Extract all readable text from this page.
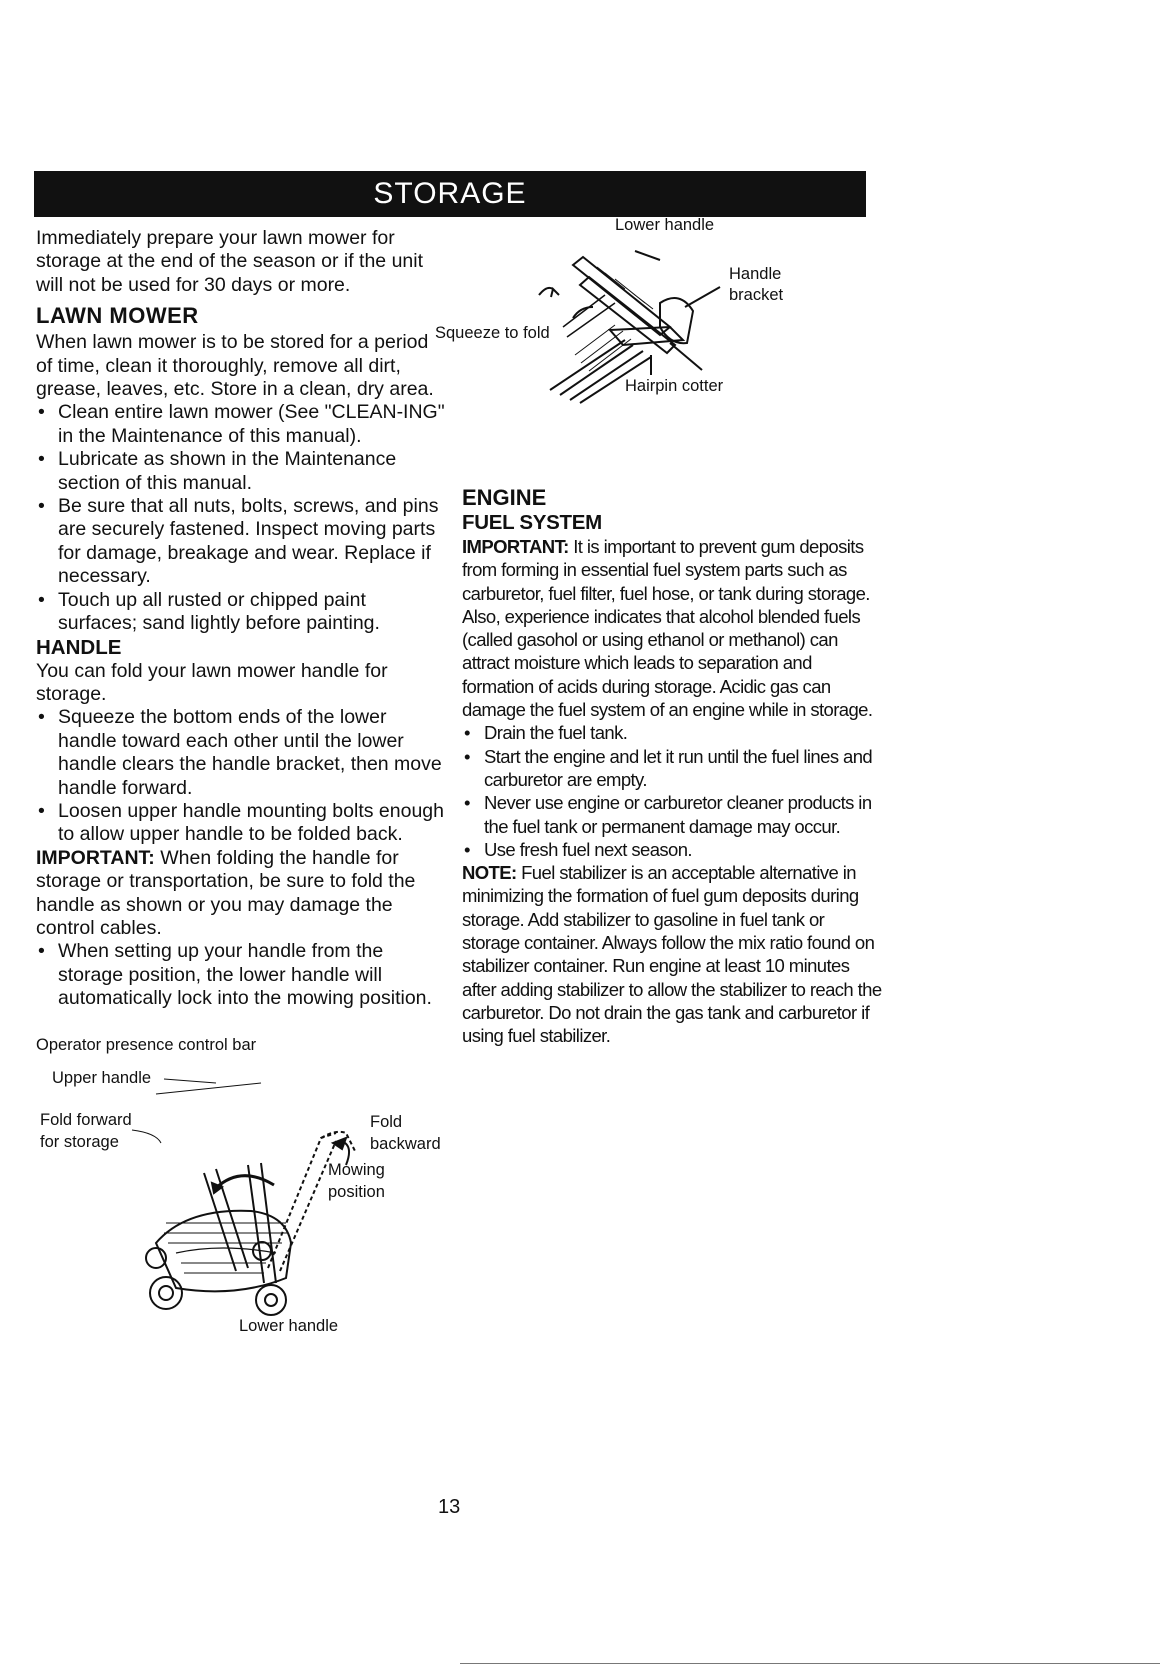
STORAGE

Immediately prepare your lawn mower for storage at the end of the season or if the unit will not be used for 30 days or more.

LAWN MOWER

When lawn mower is to be stored for a period of time, clean it thoroughly, remove all dirt, grease, leaves, etc. Store in a clean, dry area.

• Clean entire lawn mower (See "CLEAN-ING" in the Maintenance of this manual).
• Lubricate as shown in the Maintenance section of this manual.
• Be sure that all nuts, bolts, screws, and pins are securely fastened. Inspect moving parts for damage, breakage and wear. Replace if necessary.
• Touch up all rusted or chipped paint surfaces; sand lightly before painting.
HANDLE

You can fold your lawn mower handle for storage.

• Squeeze the bottom ends of the lower handle toward each other until the lower handle clears the handle bracket, then move handle forward.
• Loosen upper handle mounting bolts enough to allow upper handle to be folded back.

IMPORTANT: When folding the handle for storage or transportation, be sure to fold the handle as shown or you may damage the control cables.

• When setting up your handle from the storage position, the lower handle will automatically lock into the mowing position.
Lower handle
Handle
bracket
Squeeze to fold
Hairpin cotter
Operator presence control bar
Upper handle
Fold forward
for storage
Fold
backward
Mowing
position
Lower handle
ENGINE
FUEL SYSTEM

IMPORTANT: It is important to prevent gum deposits from forming in essential fuel system parts such as carburetor, fuel filter, fuel hose, or tank during storage. Also, experience indicates that alcohol blended fuels (called gasohol or using ethanol or methanol) can attract moisture which leads to separation and formation of acids during storage. Acidic gas can damage the fuel system of an engine while in storage.

• Drain the fuel tank.
• Start the engine and let it run until the fuel lines and carburetor are empty.
• Never use engine or carburetor cleaner products in the fuel tank or permanent damage may occur.
• Use fresh fuel next season.

NOTE: Fuel stabilizer is an acceptable alternative in minimizing the formation of fuel gum deposits during storage. Add stabilizer to gasoline in fuel tank or storage container. Always follow the mix ratio found on stabilizer container. Run engine at least 10 minutes after adding stabilizer to allow the stabilizer to reach the carburetor. Do not drain the gas tank and carburetor if using fuel stabilizer.

13
